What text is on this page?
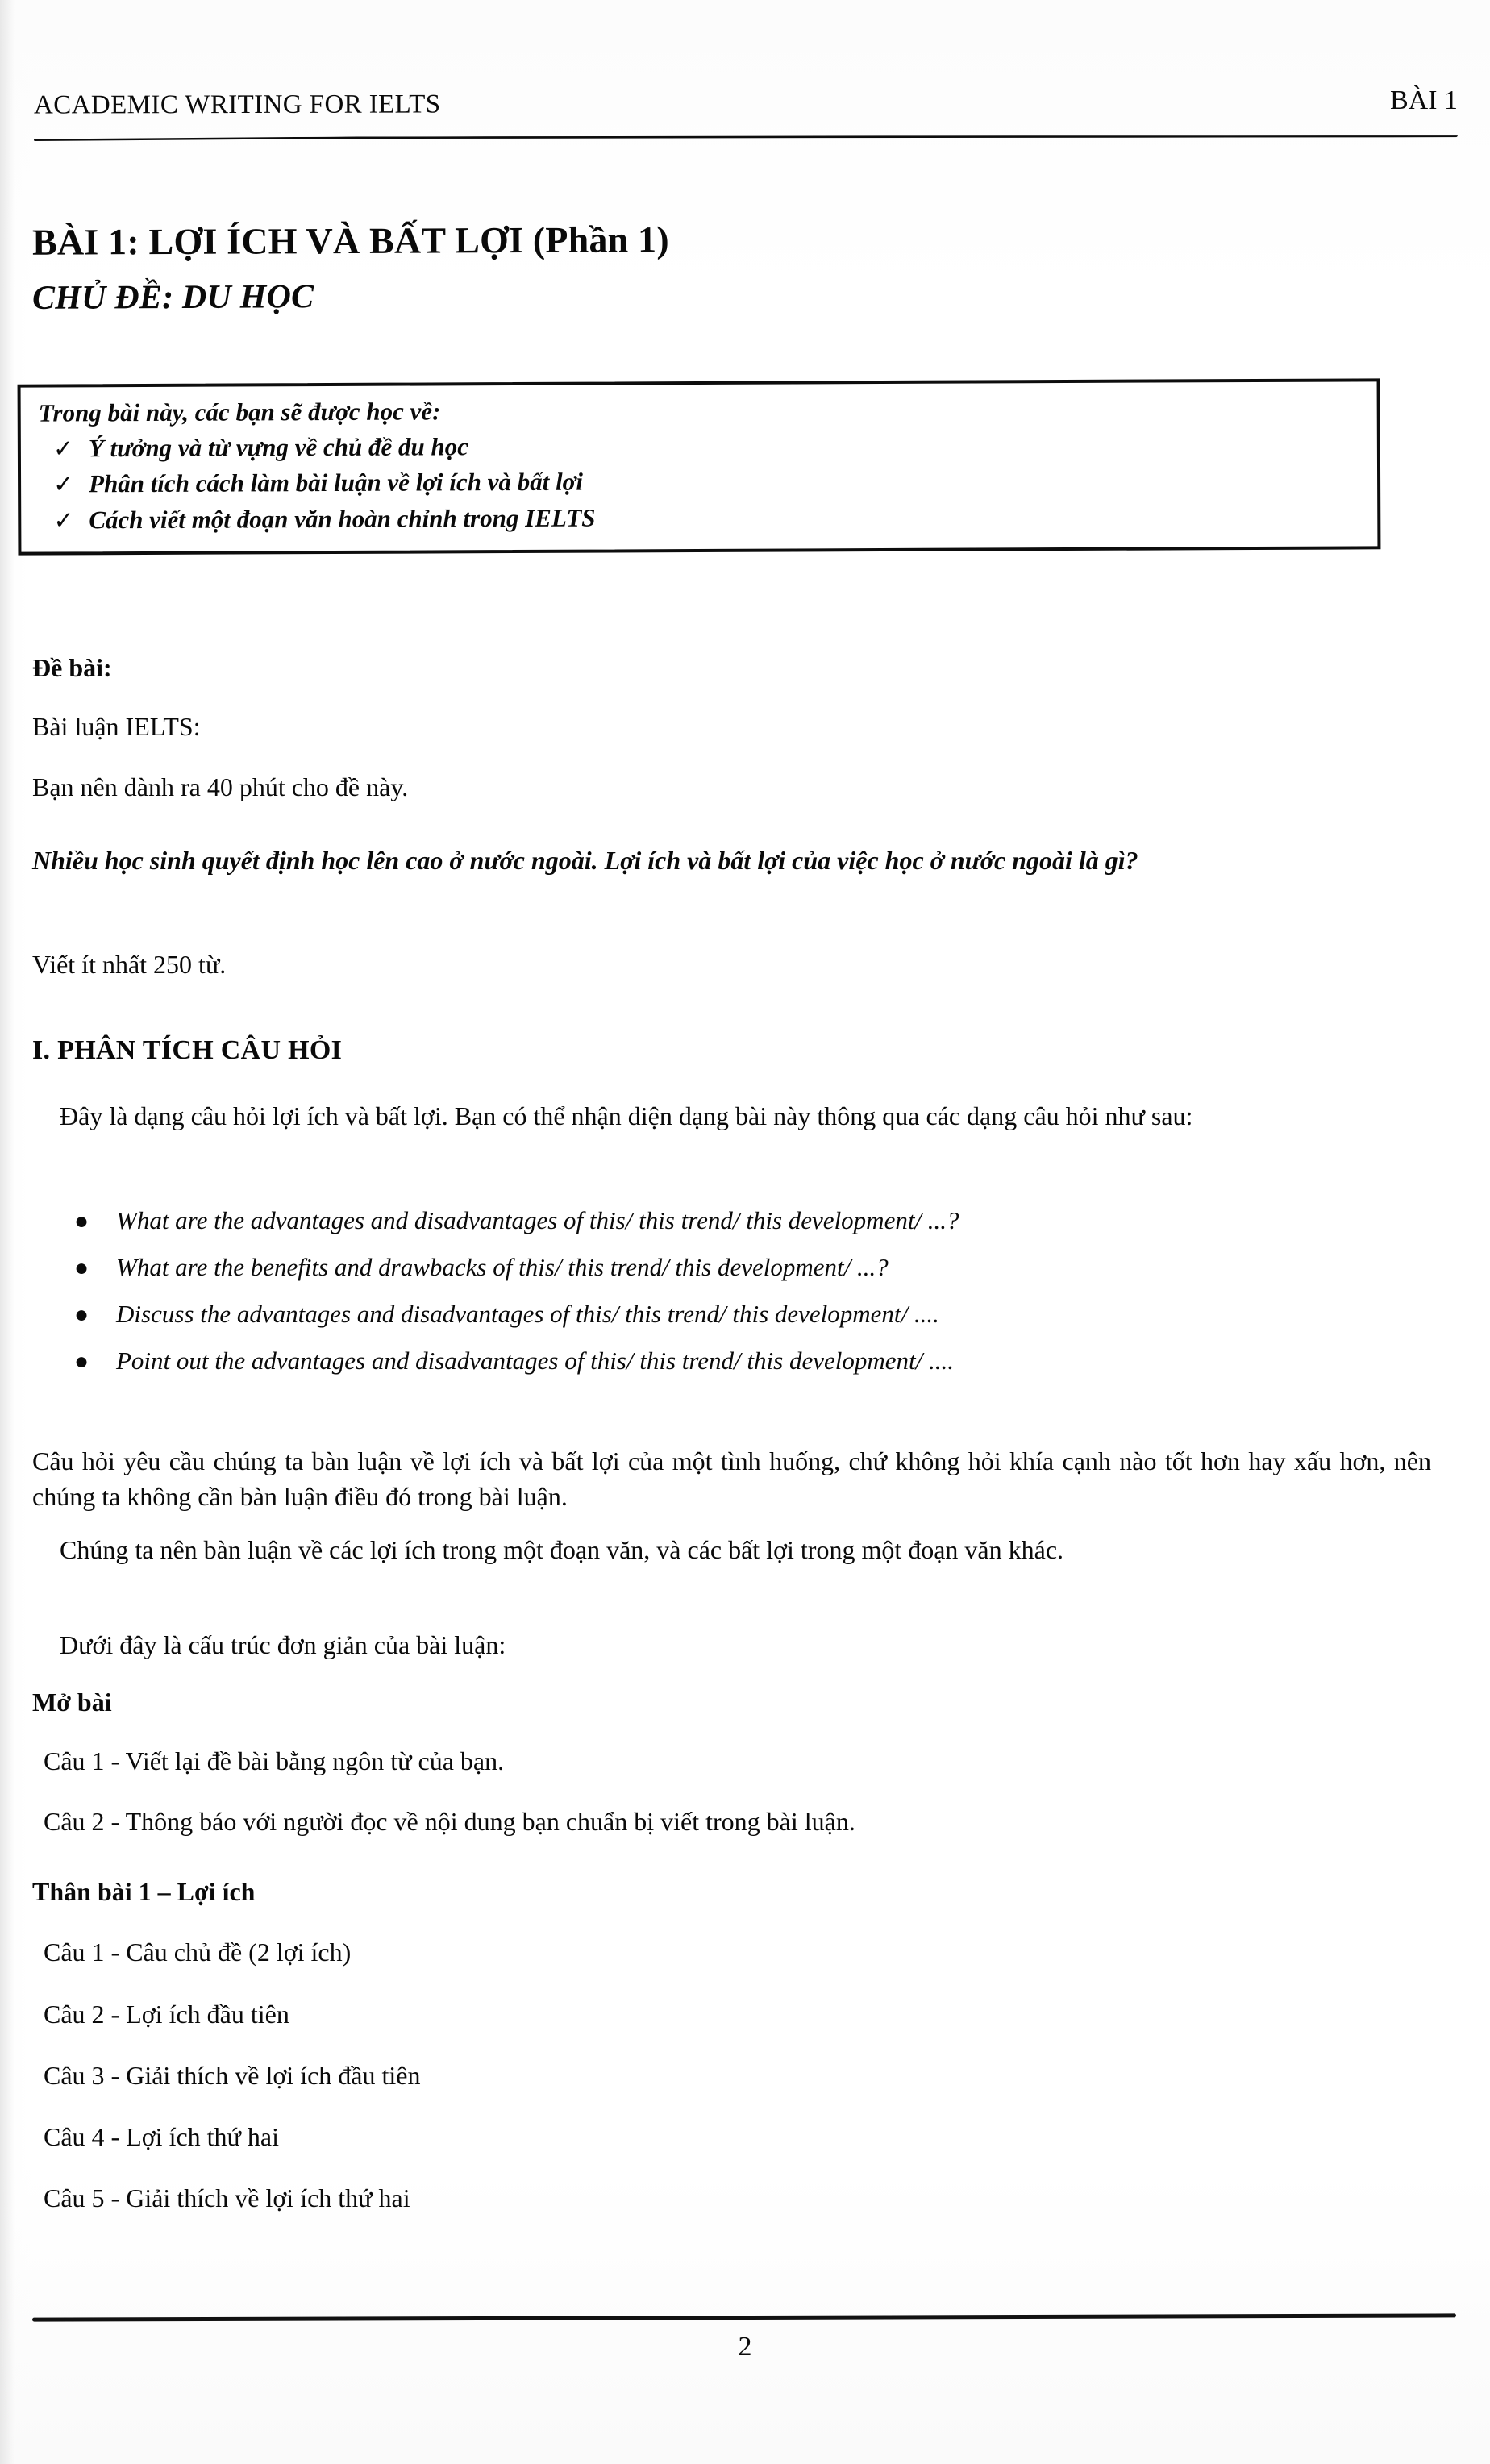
ACADEMIC WRITING FOR IELTS	BÀI 1
BÀI 1: LỢI ÍCH VÀ BẤT LỢI (Phần 1)
CHỦ ĐỀ: DU HỌC
Trong bài này, các bạn sẽ được học về:
✓ Ý tưởng và từ vựng về chủ đề du học
✓ Phân tích cách làm bài luận về lợi ích và bất lợi
✓ Cách viết một đoạn văn hoàn chỉnh trong IELTS
Đề bài:
Bài luận IELTS:
Bạn nên dành ra 40 phút cho đề này.
Nhiều học sinh quyết định học lên cao ở nước ngoài. Lợi ích và bất lợi của việc học ở nước ngoài là gì?
Viết ít nhất 250 từ.
I. PHÂN TÍCH CÂU HỎI
Đây là dạng câu hỏi lợi ích và bất lợi. Bạn có thể nhận diện dạng bài này thông qua các dạng câu hỏi như sau:
●	What are the advantages and disadvantages of this/ this trend/ this development/ ...?
●	What are the benefits and drawbacks of this/ this trend/ this development/ ...?
●	Discuss the advantages and disadvantages of this/ this trend/ this development/ ....
●	Point out the advantages and disadvantages of this/ this trend/ this development/ ....
Câu hỏi yêu cầu chúng ta bàn luận về lợi ích và bất lợi của một tình huống, chứ không hỏi khía cạnh nào tốt hơn hay xấu hơn, nên chúng ta không cần bàn luận điều đó trong bài luận.
Chúng ta nên bàn luận về các lợi ích trong một đoạn văn, và các bất lợi trong một đoạn văn khác.
Dưới đây là cấu trúc đơn giản của bài luận:
Mở bài
Câu 1 - Viết lại đề bài bằng ngôn từ của bạn.
Câu 2 - Thông báo với người đọc về nội dung bạn chuẩn bị viết trong bài luận.
Thân bài 1 – Lợi ích
Câu 1 - Câu chủ đề (2 lợi ích)
Câu 2 - Lợi ích đầu tiên
Câu 3 - Giải thích về lợi ích đầu tiên
Câu 4 - Lợi ích thứ hai
Câu 5 - Giải thích về lợi ích thứ hai
2
